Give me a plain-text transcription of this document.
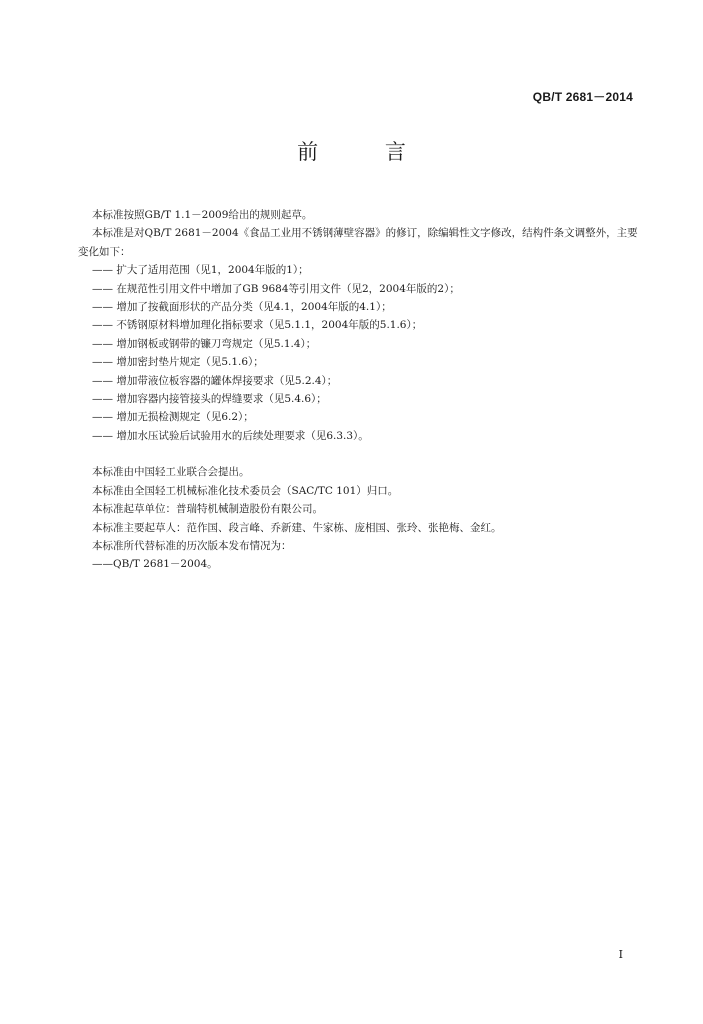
QB/T 2681－2014
前 言

本标准按照GB/T 1.1－2009给出的规则起草。

本标准是对QB/T 2681－2004《食品工业用不锈钢薄壁容器》的修订，除编辑性文字修改，结构件条文调整外，主要变化如下：

—— 扩大了适用范围（见1，2004年版的1）；

—— 在规范性引用文件中增加了GB 9684等引用文件（见2，2004年版的2）；

—— 增加了按截面形状的产品分类（见4.1，2004年版的4.1）；

—— 不锈钢原材料增加理化指标要求（见5.1.1，2004年版的5.1.6）；

—— 增加钢板或钢带的镰刀弯规定（见5.1.4）；

—— 增加密封垫片规定（见5.1.6）；

—— 增加带液位板容器的罐体焊接要求（见5.2.4）；

—— 增加容器内接管接头的焊缝要求（见5.4.6）；

—— 增加无损检测规定（见6.2）；

—— 增加水压试验后试验用水的后续处理要求（见6.3.3）。

本标准由中国轻工业联合会提出。

本标准由全国轻工机械标准化技术委员会（SAC/TC 101）归口。

本标准起草单位：普瑞特机械制造股份有限公司。

本标准主要起草人：范作国、段言峰、乔新建、牛家栋、庞相国、张玲、张艳梅、金红。

本标准所代替标准的历次版本发布情况为：

——QB/T 2681－2004。

I
